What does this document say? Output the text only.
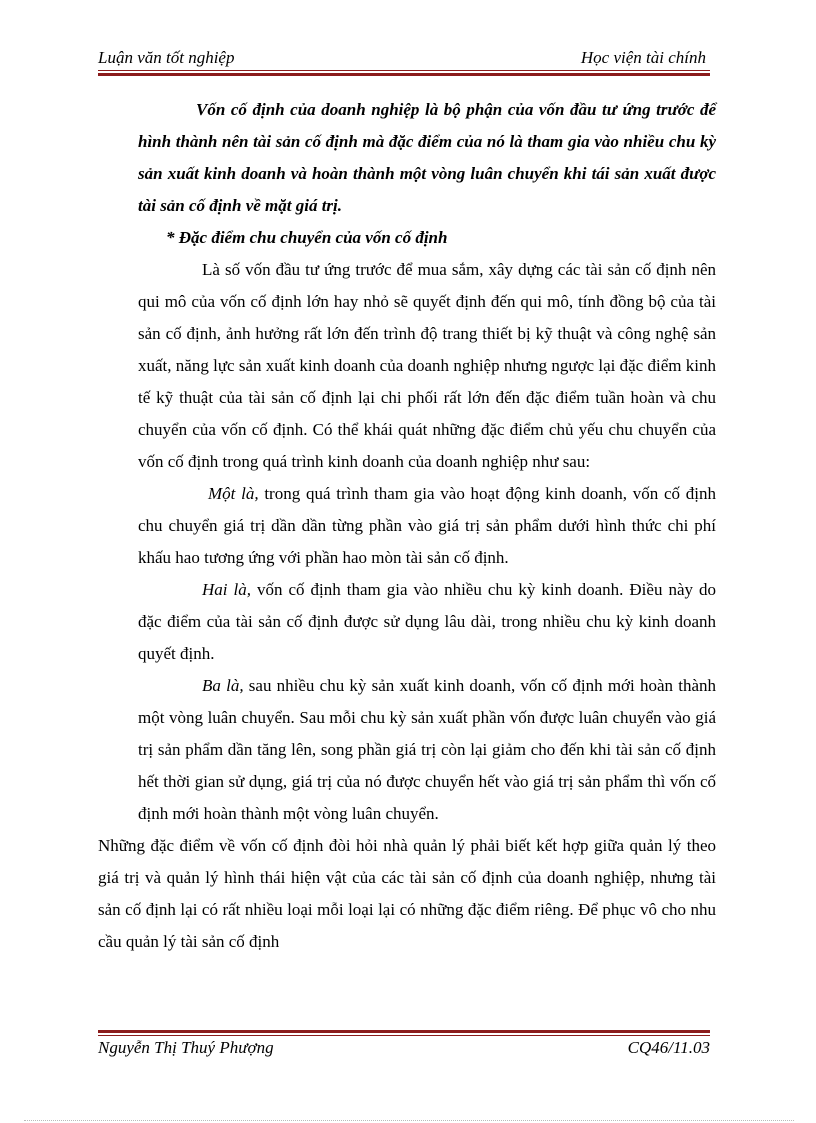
Luận văn tốt nghiệp	Học viện tài chính

Vốn cố định của doanh nghiệp là bộ phận của vốn đầu tư ứng trước để hình thành nên tài sản cố định mà đặc điểm của nó là tham gia vào nhiều chu kỳ sản xuất kinh doanh và hoàn thành một vòng luân chuyển khi tái sản xuất được tài sản cố định về mặt giá trị.

* Đặc điểm chu chuyển của vốn cố định

Là số vốn đầu tư ứng trước để mua sắm, xây dựng các tài sản cố định nên qui mô của vốn cố định lớn hay nhỏ sẽ quyết định đến qui mô, tính đồng bộ của tài sản cố định, ảnh hưởng rất lớn đến trình độ trang thiết bị kỹ thuật và công nghệ sản xuất, năng lực sản xuất kinh doanh của doanh nghiệp nhưng ngược lại đặc điểm kinh tế kỹ thuật của tài sản cố định lại chi phối rất lớn đến đặc điểm tuần hoàn và chu chuyển của vốn cố định. Có thể khái quát những đặc điểm chủ yếu chu chuyển của vốn cố định trong quá trình kinh doanh của doanh nghiệp như sau:

Một là, trong quá trình tham gia vào hoạt động kinh doanh, vốn cố định chu chuyển giá trị dần dần từng phần vào giá trị sản phẩm dưới hình thức chi phí khấu hao tương ứng với phần hao mòn tài sản cố định.

Hai là, vốn cố định tham gia vào nhiều chu kỳ kinh doanh. Điều này do đặc điểm của tài sản cố định được sử dụng lâu dài, trong nhiều chu kỳ kinh doanh quyết định.

Ba là, sau nhiều chu kỳ sản xuất kinh doanh, vốn cố định mới hoàn thành một vòng luân chuyển. Sau mỗi chu kỳ sản xuất phần vốn được luân chuyển vào giá trị sản phẩm dần tăng lên, song phần giá trị còn lại giảm cho đến khi tài sản cố định hết thời gian sử dụng, giá trị của nó được chuyển hết vào giá trị sản phẩm thì vốn cố định mới hoàn thành một vòng luân chuyển.

Những đặc điểm về vốn cố định đòi hỏi nhà quản lý phải biết kết hợp giữa quản lý theo giá trị và quản lý hình thái hiện vật của các tài sản cố định của doanh nghiệp, nhưng tài sản cố định lại có rất nhiều loại mỗi loại lại có những đặc điểm riêng. Để phục vô cho nhu cầu quản lý tài sản cố định

Nguyễn Thị Thuý Phượng	CQ46/11.03
